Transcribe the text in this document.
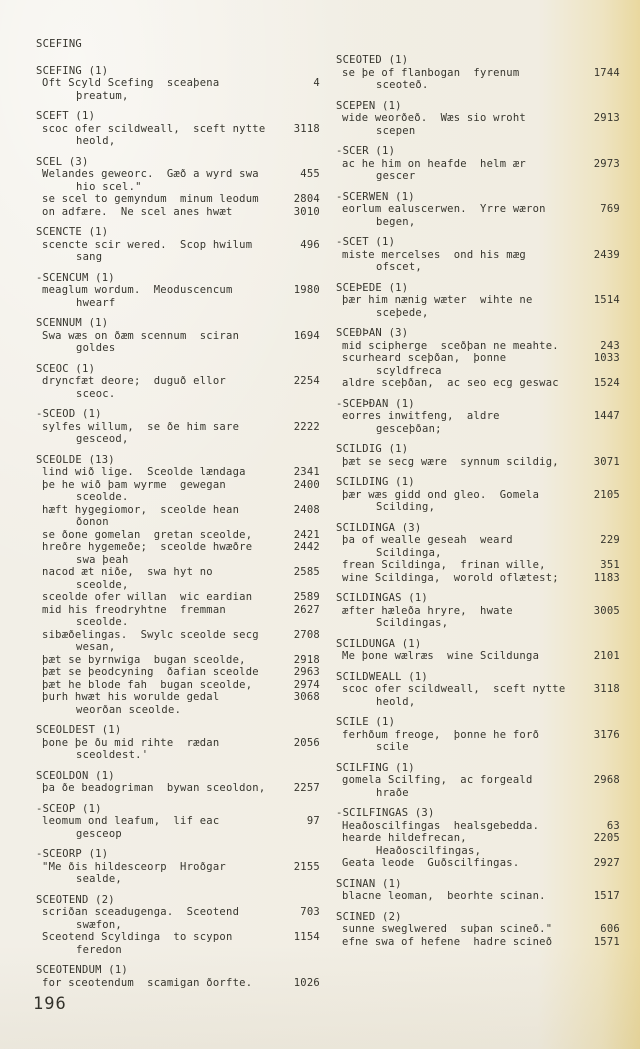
SCEFING
SCEFING (1)
Oft Scyld Scefing  sceaþena	4
þreatum,
SCEFT (1)
scoc ofer scildweall,  sceft nytte	3118
heold,
SCEL (3)
Welandes geweorc.  Gæð a wyrd swa	455
hio scel."
se scel to gemyndum  minum leodum	2804
on adfære.  Ne scel anes hwæt	3010
SCENCTE (1)
scencte scir wered.  Scop hwilum	496
sang
-SCENCUM (1)
meaglum wordum.  Meoduscencum	1980
hwearf
SCENNUM (1)
Swa wæs on ðæm scennum  sciran	1694
goldes
SCEOC (1)
dryncfæt deore;  duguð ellor	2254
sceoc.
-SCEOD (1)
sylfes willum,  se ðe him sare	2222
gesceod,
SCEOLDE (13)
lind wið lige.  Sceolde lændaga	2341
þe he wið þam wyrme  gewegan	2400
sceolde.
hæft hygegiomor,  sceolde hean	2408
ðonon
se ðone gomelan  gretan sceolde,	2421
hreðre hygemeðe;  sceolde hwæðre	2442
swa þeah
nacod æt niðe,  swa hyt no	2585
sceolde,
sceolde ofer willan  wic eardian	2589
mid his freodryhtne  fremman	2627
sceolde.
sibæðelingas.  Swylc sceolde secg	2708
wesan,
þæt se byrnwiga  bugan sceolde,	2918
þæt se þeodcyning  ðafian sceolde	2963
þæt he blode fah  bugan sceolde,	2974
þurh hwæt his worulde gedal	3068
weorðan sceolde.
SCEOLDEST (1)
þone þe ðu mid rihte  rædan	2056
sceoldest.'
SCEOLDON (1)
þa ðe beadogriman  bywan sceoldon,	2257
-SCEOP (1)
leomum ond leafum,  lif eac	97
gesceop
-SCEORP (1)
"Me ðis hildesceorp  Hroðgar	2155
sealde,
SCEOTEND (2)
scriðan sceadugenga.  Sceotend	703
swæfon,
Sceotend Scyldinga  to scypon	1154
feredon
SCEOTENDUM (1)
for sceotendum  scamigan ðorfte.	1026
SCEOTED (1)
se þe of flanbogan  fyrenum	1744
sceoteð.
SCEPEN (1)
wide weorðeð.  Wæs sio wroht	2913
scepen
-SCER (1)
ac he him on heafde  helm ær	2973
gescer
-SCERWEN (1)
eorlum ealuscerwen.  Yrre wæron	769
begen,
-SCET (1)
miste mercelses  ond his mæg	2439
ofscet,
SCEÞEDE (1)
þær him nænig wæter  wihte ne	1514
sceþede,
SCEÐÞAN (3)
mid scipherge  sceðþan ne meahte.	243
scurheard sceþðan,  þonne	1033
scyldfreca
aldre sceþðan,  ac seo ecg geswac	1524
-SCEÞÐAN (1)
eorres inwitfeng,  aldre	1447
gesceþðan;
SCILDIG (1)
þæt se secg wære  synnum scildig,	3071
SCILDING (1)
þær wæs gidd ond gleo.  Gomela	2105
Scilding,
SCILDINGA (3)
þa of wealle geseah  weard	229
Scildinga,
frean Scildinga,  frinan wille,	351
wine Scildinga,  worold oflætest;	1183
SCILDINGAS (1)
æfter hæleða hryre,  hwate	3005
Scildingas,
SCILDUNGA (1)
Me þone wælræs  wine Scildunga	2101
SCILDWEALL (1)
scoc ofer scildweall,  sceft nytte	3118
heold,
SCILE (1)
ferhðum freoge,  þonne he forð	3176
scile
SCILFING (1)
gomela Scilfing,  ac forgeald	2968
hraðe
-SCILFINGAS (3)
Heaðoscilfingas  healsgebedda.	63
hearde hildefrecan,	2205
Heaðoscilfingas,
Geata leode  Guðscilfingas.	2927
SCINAN (1)
blacne leoman,  beorhte scinan.	1517
SCINED (2)
sunne sweglwered  suþan scineð."	606
efne swa of hefene  hadre scineð	1571
196
